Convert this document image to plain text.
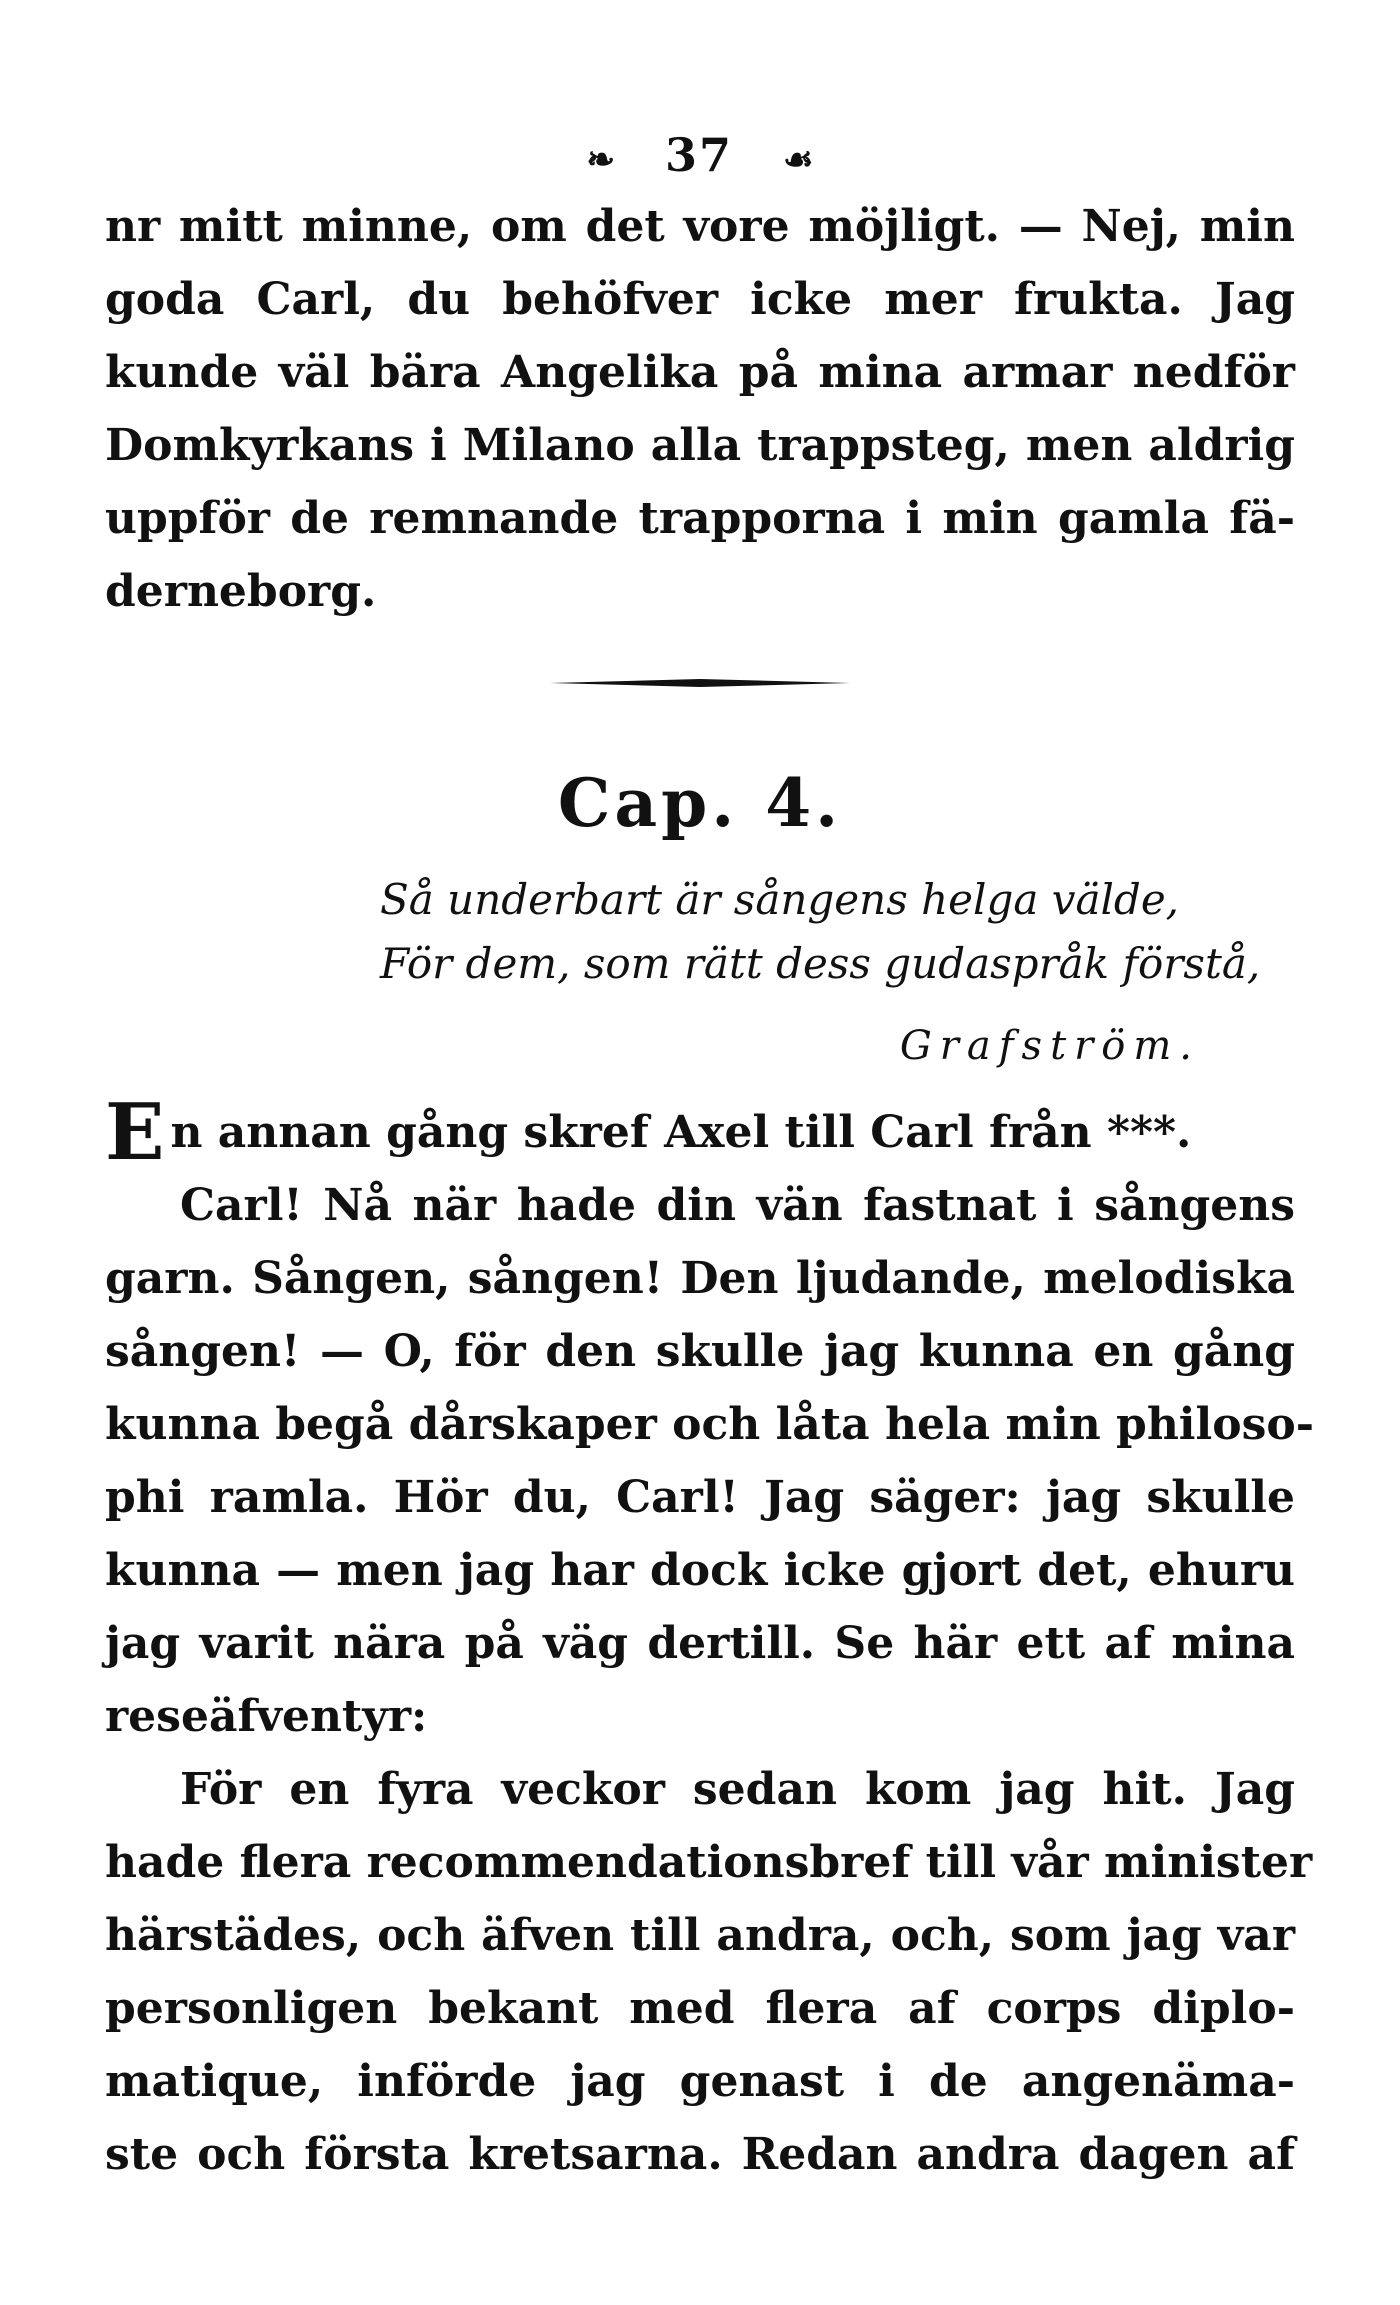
❧ 37 ☙
nr mitt minne, om det vore möjligt. — Nej, min
goda Carl, du behöfver icke mer frukta. Jag
kunde väl bära Angelika på mina armar nedför
Domkyrkans i Milano alla trappsteg, men aldrig
uppför de remnande trapporna i min gamla fä-
derneborg.
Cap. 4.
Så underbart är sångens helga välde,
För dem, som rätt dess gudaspråk förstå,
Grafström.
En annan gång skref Axel till Carl från ***.
Carl! Nå när hade din vän fastnat i sångens
garn. Sången, sången! Den ljudande, melodiska
sången! — O, för den skulle jag kunna en gång
kunna begå dårskaper och låta hela min philoso-
phi ramla. Hör du, Carl! Jag säger: jag skulle
kunna — men jag har dock icke gjort det, ehuru
jag varit nära på väg dertill. Se här ett af mina
reseäfventyr:
För en fyra veckor sedan kom jag hit. Jag
hade flera recommendationsbref till vår minister
härstädes, och äfven till andra, och, som jag var
personligen bekant med flera af corps diplo-
matique, införde jag genast i de angenäma-
ste och första kretsarna. Redan andra dagen af
